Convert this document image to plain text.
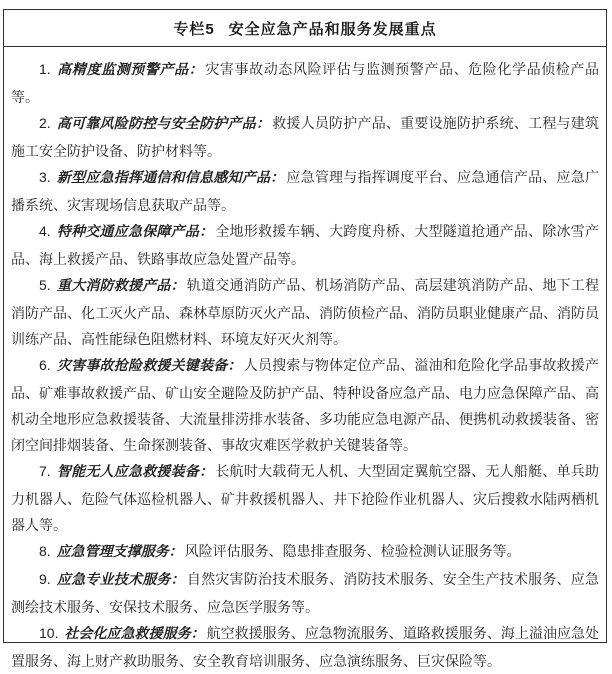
专栏5 安全应急产品和服务发展重点

1. 高精度监测预警产品： 灾害事故动态风险评估与监测预警产品、危险化学品侦检产品等。

2. 高可靠风险防控与安全防护产品： 救援人员防护产品、重要设施防护系统、工程与建筑施工安全防护设备、防护材料等。

3. 新型应急指挥通信和信息感知产品： 应急管理与指挥调度平台、应急通信产品、应急广播系统、灾害现场信息获取产品等。

4. 特种交通应急保障产品： 全地形救援车辆、大跨度舟桥、大型隧道抢通产品、除冰雪产品、海上救援产品、铁路事故应急处置产品等。

5. 重大消防救援产品： 轨道交通消防产品、机场消防产品、高层建筑消防产品、地下工程消防产品、化工灭火产品、森林草原防灭火产品、消防侦检产品、消防员职业健康产品、消防员训练产品、高性能绿色阻燃材料、环境友好灭火剂等。

6. 灾害事故抢险救援关键装备： 人员搜索与物体定位产品、溢油和危险化学品事故救援产品、矿难事故救援产品、矿山安全避险及防护产品、特种设备应急产品、电力应急保障产品、高机动全地形应急救援装备、大流量排涝排水装备、多功能应急电源产品、便携机动救援装备、密闭空间排烟装备、生命探测装备、事故灾难医学救护关键装备等。

7. 智能无人应急救援装备： 长航时大载荷无人机、大型固定翼航空器、无人船艇、单兵助力机器人、危险气体巡检机器人、矿井救援机器人、井下抢险作业机器人、灾后搜救水陆两栖机器人等。

8. 应急管理支撑服务： 风险评估服务、隐患排查服务、检验检测认证服务等。

9. 应急专业技术服务： 自然灾害防治技术服务、消防技术服务、安全生产技术服务、应急测绘技术服务、安保技术服务、应急医学服务等。

10. 社会化应急救援服务： 航空救援服务、应急物流服务、道路救援服务、海上溢油应急处置服务、海上财产救助服务、安全教育培训服务、应急演练服务、巨灾保险等。
